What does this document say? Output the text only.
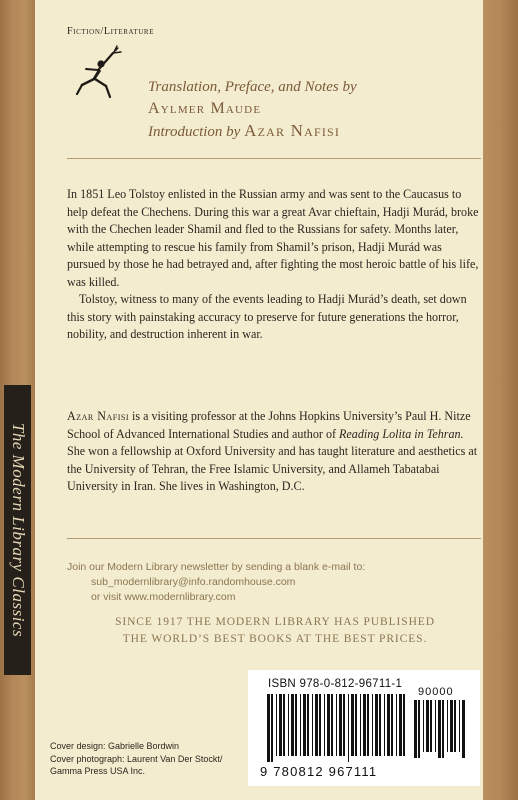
The Modern Library Classics
Fiction/Literature
Translation, Preface, and Notes by
Aylmer Maude
Introduction by Azar Nafisi

In 1851 Leo Tolstoy enlisted in the Russian army and was sent to the Caucasus to help defeat the Chechens. During this war a great Avar chieftain, Hadji Murád, broke with the Chechen leader Shamil and fled to the Russians for safety. Months later, while attempting to rescue his family from Shamil’s prison, Hadji Murád was pursued by those he had betrayed and, after fighting the most heroic battle of his life, was killed.

Tolstoy, witness to many of the events leading to Hadji Murád’s death, set down this story with painstaking accuracy to preserve for future generations the horror, nobility, and destruction inherent in war.

Azar Nafisi is a visiting professor at the Johns Hopkins University’s Paul H. Nitze School of Advanced International Studies and author of Reading Lolita in Tehran. She won a fellowship at Oxford University and has taught literature and aesthetics at the University of Tehran, the Free Islamic University, and Allameh Tabatabai University in Iran. She lives in Washington, D.C.

Join our Modern Library newsletter by sending a blank e-mail to:
sub_modernlibrary@info.randomhouse.com
or visit www.modernlibrary.com
SINCE 1917 THE MODERN LIBRARY HAS PUBLISHED
THE WORLD’S BEST BOOKS AT THE BEST PRICES.
Cover design: Gabrielle Bordwin
Cover photograph: Laurent Van Der Stockt/
Gamma Press USA Inc.
ISBN 978-0-812-96711-1
90000
9 780812 967111
